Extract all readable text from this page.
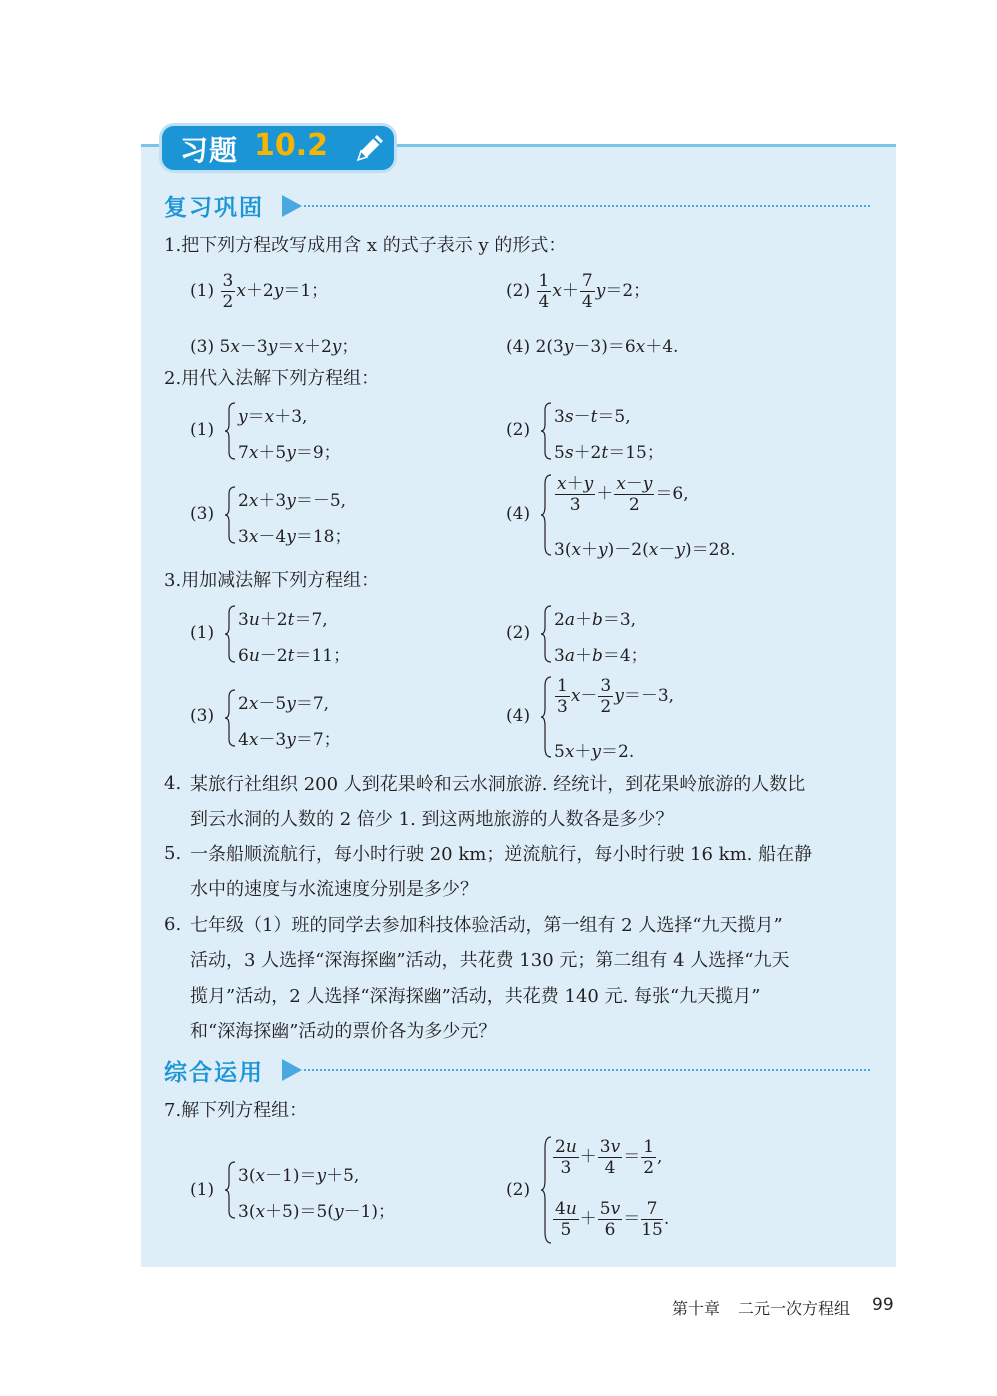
习题 10.2
复习巩固
1.把下列方程改写成用含 x 的式子表示 y 的形式：
$(1) \frac{3}{2} x+2y=1$；	$(2) \frac{1}{4} x+ \frac{7}{4} y=2$；
(3) 5x－3y＝x＋2y；	(4) 2(3y－3)＝6x＋4.
2.用代入法解下列方程组：
(1)
y＝x＋3,
7x＋5y＝9；
(2)
3s－t＝5,
5s＋2t＝15；
(3)
2x＋3y＝－5,
3x－4y＝18；
$(4) \frac{x+y}{3} + \frac{x-y}{2} =6$,
3(x＋y)－2(x－y)＝28.
3.用加减法解下列方程组：
(1)
3u＋2t＝7,
6u－2t＝11；
(2)
2a＋b＝3,
3a＋b＝4；
(3)
2x－5y＝7,
4x－3y＝7；
$(4) \frac{1}{3} x- \frac{3}{2} y=-3$,
5x＋y＝2.
4. 某旅行社组织 200 人到花果岭和云水洞旅游. 经统计，到花果岭旅游的人数比
到云水洞的人数的 2 倍少 1. 到这两地旅游的人数各是多少？
5. 一条船顺流航行，每小时行驶 20 km；逆流航行，每小时行驶 16 km. 船在静
水中的速度与水流速度分别是多少？
6. 七年级（1）班的同学去参加科技体验活动，第一组有 2 人选择“九天揽月”
活动，3 人选择“深海探幽”活动，共花费 130 元；第二组有 4 人选择“九天
揽月”活动，2 人选择“深海探幽”活动，共花费 140 元. 每张“九天揽月”
和“深海探幽”活动的票价各为多少元？
综合运用
7.解下列方程组：
(1)
3(x－1)＝y＋5,
3(x＋5)＝5(y－1)；
(2)
$\frac{2u}{3} + \frac{3v}{4} = \frac{1}{2}$ ,
$\frac{4u}{5} + \frac{5v}{6} = \frac{7}{15}$ .
第十章 二元一次方程组 99
